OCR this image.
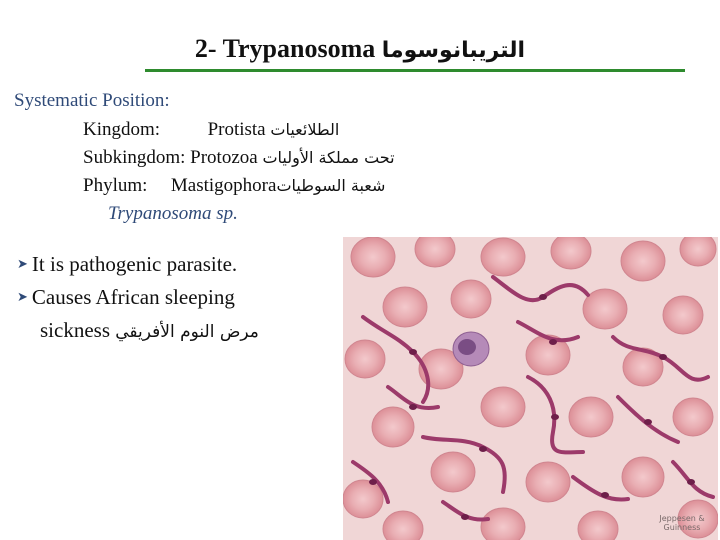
2- Trypanosoma التريبانوسوما
Systematic Position:
Kingdom:	Protista الطلائعيات
Subkingdom: Protozoa تحت مملكة الأوليات
Phylum: Mastigophoraشعبة السوطيات
Trypanosoma sp.
➤ It is pathogenic parasite.
➤ Causes African sleeping
sickness مرض النوم الأفريقي
Jeppesen & Guinness
